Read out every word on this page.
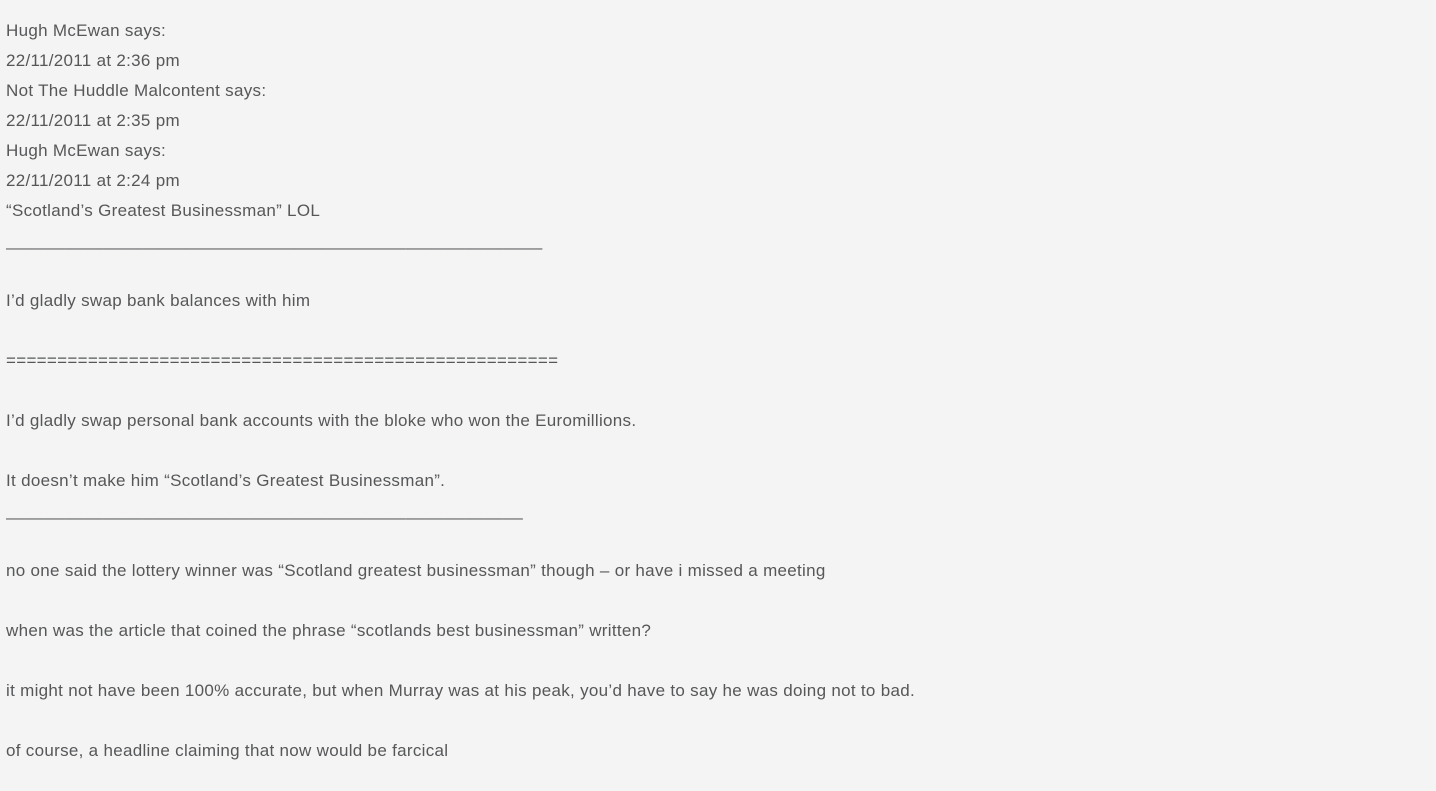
Hugh McEwan says:
22/11/2011 at 2:36 pm
Not The Huddle Malcontent says:
22/11/2011 at 2:35 pm
Hugh McEwan says:
22/11/2011 at 2:24 pm
“Scotland’s Greatest Businessman” LOL
_______________________________________________________
I’d gladly swap bank balances with him
======================================================
I’d gladly swap personal bank accounts with the bloke who won the Euromillions.
It doesn’t make him “Scotland’s Greatest Businessman”.
_____________________________________________________
no one said the lottery winner was “Scotland greatest businessman” though – or have i missed a meeting
when was the article that coined the phrase “scotlands best businessman” written?
it might not have been 100% accurate, but when Murray was at his peak, you’d have to say he was doing not to bad.
of course, a headline claiming that now would be farcical
